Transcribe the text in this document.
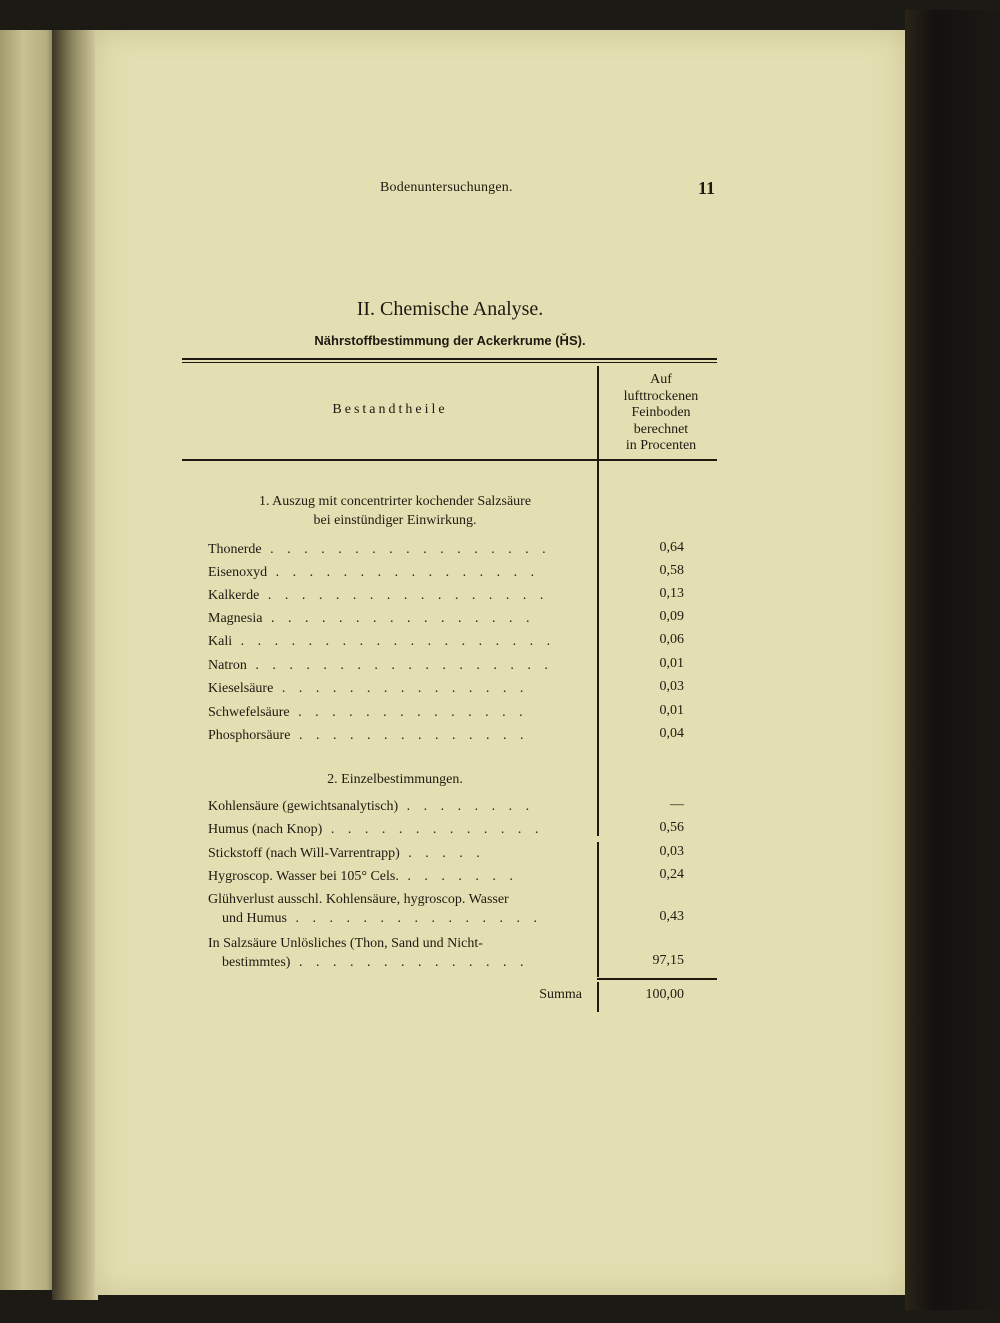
Bodenuntersuchungen.	11
II. Chemische Analyse.
Nährstoffbestimmung der Ackerkrume (ȞS).
Bestandtheile
Auf
lufttrockenen
Feinboden
berechnet
in Procenten
1. Auszug mit concentrirter kochender Salzsäure
bei einstündiger Einwirkung.
Thonerde . . . . . . . . . . . . . . . . .	0,64
Eisenoxyd . . . . . . . . . . . . . . . .	0,58
Kalkerde . . . . . . . . . . . . . . . . .	0,13
Magnesia . . . . . . . . . . . . . . . .	0,09
Kali . . . . . . . . . . . . . . . . . . .	0,06
Natron . . . . . . . . . . . . . . . . . .	0,01
Kieselsäure . . . . . . . . . . . . . . .	0,03
Schwefelsäure . . . . . . . . . . . . . .	0,01
Phosphorsäure . . . . . . . . . . . . . .	0,04
2. Einzelbestimmungen.
Kohlensäure (gewichtsanalytisch) . . . . . . . .	—
Humus (nach Knop) . . . . . . . . . . . . .	0,56
Stickstoff (nach Will-Varrentrapp) . . . . .	0,03
Hygroscop. Wasser bei 105° Cels. . . . . . . .	0,24
Glühverlust ausschl. Kohlensäure, hygroscop. Wasser
und Humus . . . . . . . . . . . . . . .	0,43
In Salzsäure Unlösliches (Thon, Sand und Nicht-
bestimmtes) . . . . . . . . . . . . . .	97,15
Summa	100,00
